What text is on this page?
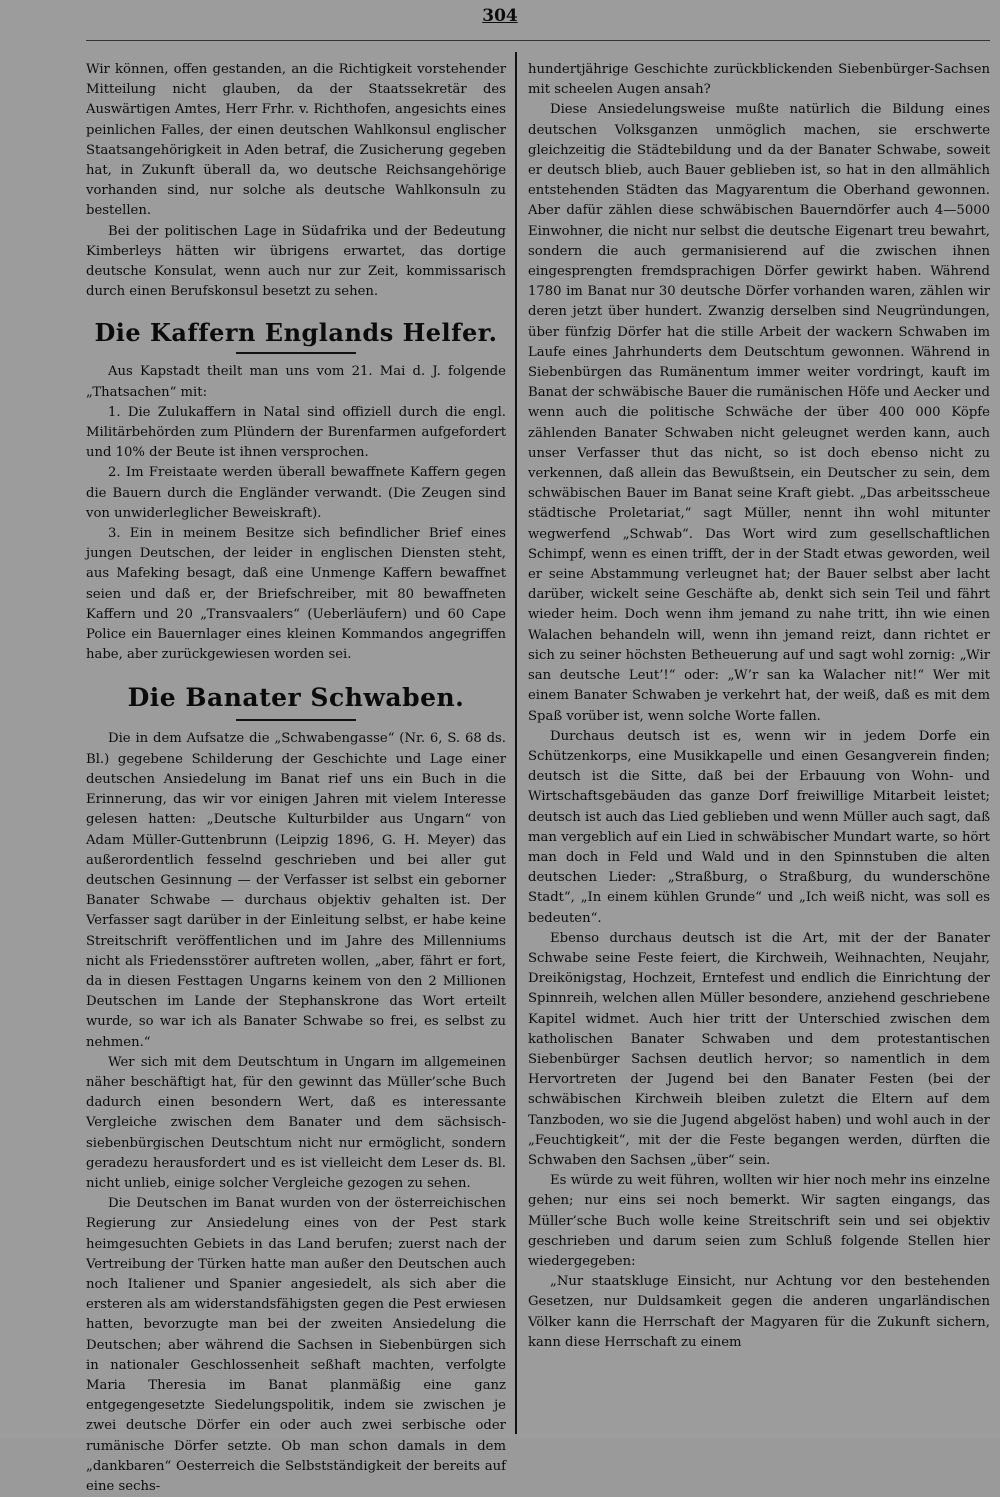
304

Wir können, offen gestanden, an die Richtigkeit vorstehender Mitteilung nicht glauben, da der Staatssekretär des Auswärtigen Amtes, Herr Frhr. v. Richthofen, angesichts eines peinlichen Falles, der einen deutschen Wahlkonsul englischer Staatsangehörigkeit in Aden betraf, die Zusicherung gegeben hat, in Zukunft überall da, wo deutsche Reichsangehörige vorhanden sind, nur solche als deutsche Wahlkonsuln zu bestellen.

Bei der politischen Lage in Südafrika und der Bedeutung Kimberleys hätten wir übrigens erwartet, das dortige deutsche Konsulat, wenn auch nur zur Zeit, kommissarisch durch einen Berufskonsul besetzt zu sehen.

Die Kaffern Englands Helfer.

Aus Kapstadt theilt man uns vom 21. Mai d. J. folgende „Thatsachen“ mit:

1. Die Zulukaffern in Natal sind offiziell durch die engl. Militärbehörden zum Plündern der Burenfarmen aufgefordert und 10% der Beute ist ihnen versprochen.

2. Im Freistaate werden überall bewaffnete Kaffern gegen die Bauern durch die Engländer verwandt. (Die Zeugen sind von unwiderleglicher Beweiskraft).

3. Ein in meinem Besitze sich befindlicher Brief eines jungen Deutschen, der leider in englischen Diensten steht, aus Mafeking besagt, daß eine Unmenge Kaffern bewaffnet seien und daß er, der Briefschreiber, mit 80 bewaffneten Kaffern und 20 „Transvaalers“ (Ueberläufern) und 60 Cape Police ein Bauernlager eines kleinen Kommandos angegriffen habe, aber zurückgewiesen worden sei.

Die Banater Schwaben.

Die in dem Aufsatze die „Schwabengasse“ (Nr. 6, S. 68 ds. Bl.) gegebene Schilderung der Geschichte und Lage einer deutschen Ansiedelung im Banat rief uns ein Buch in die Erinnerung, das wir vor einigen Jahren mit vielem Interesse gelesen hatten: „Deutsche Kulturbilder aus Ungarn“ von Adam Müller-Guttenbrunn (Leipzig 1896, G. H. Meyer) das außerordentlich fesselnd geschrieben und bei aller gut deutschen Gesinnung — der Verfasser ist selbst ein geborner Banater Schwabe — durchaus objektiv gehalten ist. Der Verfasser sagt darüber in der Einleitung selbst, er habe keine Streitschrift veröffentlichen und im Jahre des Millenniums nicht als Friedensstörer auftreten wollen, „aber, fährt er fort, da in diesen Festtagen Ungarns keinem von den 2 Millionen Deutschen im Lande der Stephanskrone das Wort erteilt wurde, so war ich als Banater Schwabe so frei, es selbst zu nehmen.“

Wer sich mit dem Deutschtum in Ungarn im allgemeinen näher beschäftigt hat, für den gewinnt das Müller’sche Buch dadurch einen besondern Wert, daß es interessante Vergleiche zwischen dem Banater und dem sächsisch-siebenbürgischen Deutschtum nicht nur ermöglicht, sondern geradezu herausfordert und es ist vielleicht dem Leser ds. Bl. nicht unlieb, einige solcher Vergleiche gezogen zu sehen.

Die Deutschen im Banat wurden von der österreichischen Regierung zur Ansiedelung eines von der Pest stark heimgesuchten Gebiets in das Land berufen; zuerst nach der Vertreibung der Türken hatte man außer den Deutschen auch noch Italiener und Spanier angesiedelt, als sich aber die ersteren als am widerstandsfähigsten gegen die Pest erwiesen hatten, bevorzugte man bei der zweiten Ansiedelung die Deutschen; aber während die Sachsen in Siebenbürgen sich in nationaler Geschlossenheit seßhaft machten, verfolgte Maria Theresia im Banat planmäßig eine ganz entgegengesetzte Siedelungspolitik, indem sie zwischen je zwei deutsche Dörfer ein oder auch zwei serbische oder rumänische Dörfer setzte. Ob man schon damals in dem „dankbaren“ Oesterreich die Selbstständigkeit der bereits auf eine sechs-

hundertjährige Geschichte zurückblickenden Siebenbürger-Sachsen mit scheelen Augen ansah?

Diese Ansiedelungsweise mußte natürlich die Bildung eines deutschen Volksganzen unmöglich machen, sie erschwerte gleichzeitig die Städtebildung und da der Banater Schwabe, soweit er deutsch blieb, auch Bauer geblieben ist, so hat in den allmählich entstehenden Städten das Magyarentum die Oberhand gewonnen. Aber dafür zählen diese schwäbischen Bauerndörfer auch 4—5000 Einwohner, die nicht nur selbst die deutsche Eigenart treu bewahrt, sondern die auch germanisierend auf die zwischen ihnen eingesprengten fremdsprachigen Dörfer gewirkt haben. Während 1780 im Banat nur 30 deutsche Dörfer vorhanden waren, zählen wir deren jetzt über hundert. Zwanzig derselben sind Neugründungen, über fünfzig Dörfer hat die stille Arbeit der wackern Schwaben im Laufe eines Jahrhunderts dem Deutschtum gewonnen. Während in Siebenbürgen das Rumänentum immer weiter vordringt, kauft im Banat der schwäbische Bauer die rumänischen Höfe und Aecker und wenn auch die politische Schwäche der über 400 000 Köpfe zählenden Banater Schwaben nicht geleugnet werden kann, auch unser Verfasser thut das nicht, so ist doch ebenso nicht zu verkennen, daß allein das Bewußtsein, ein Deutscher zu sein, dem schwäbischen Bauer im Banat seine Kraft giebt. „Das arbeitsscheue städtische Proletariat,“ sagt Müller, nennt ihn wohl mitunter wegwerfend „Schwab“. Das Wort wird zum gesellschaftlichen Schimpf, wenn es einen trifft, der in der Stadt etwas geworden, weil er seine Abstammung verleugnet hat; der Bauer selbst aber lacht darüber, wickelt seine Geschäfte ab, denkt sich sein Teil und fährt wieder heim. Doch wenn ihm jemand zu nahe tritt, ihn wie einen Walachen behandeln will, wenn ihn jemand reizt, dann richtet er sich zu seiner höchsten Betheuerung auf und sagt wohl zornig: „Wir san deutsche Leut’!“ oder: „W’r san ka Walacher nit!“ Wer mit einem Banater Schwaben je verkehrt hat, der weiß, daß es mit dem Spaß vorüber ist, wenn solche Worte fallen.

Durchaus deutsch ist es, wenn wir in jedem Dorfe ein Schützenkorps, eine Musikkapelle und einen Gesangverein finden; deutsch ist die Sitte, daß bei der Erbauung von Wohn- und Wirtschaftsgebäuden das ganze Dorf freiwillige Mitarbeit leistet; deutsch ist auch das Lied geblieben und wenn Müller auch sagt, daß man vergeblich auf ein Lied in schwäbischer Mundart warte, so hört man doch in Feld und Wald und in den Spinnstuben die alten deutschen Lieder: „Straßburg, o Straßburg, du wunderschöne Stadt“, „In einem kühlen Grunde“ und „Ich weiß nicht, was soll es bedeuten“.

Ebenso durchaus deutsch ist die Art, mit der der Banater Schwabe seine Feste feiert, die Kirchweih, Weihnachten, Neujahr, Dreikönigstag, Hochzeit, Erntefest und endlich die Einrichtung der Spinnreih, welchen allen Müller besondere, anziehend geschriebene Kapitel widmet. Auch hier tritt der Unterschied zwischen dem katholischen Banater Schwaben und dem protestantischen Siebenbürger Sachsen deutlich hervor; so namentlich in dem Hervortreten der Jugend bei den Banater Festen (bei der schwäbischen Kirchweih bleiben zuletzt die Eltern auf dem Tanzboden, wo sie die Jugend abgelöst haben) und wohl auch in der „Feuchtigkeit“, mit der die Feste begangen werden, dürften die Schwaben den Sachsen „über“ sein.

Es würde zu weit führen, wollten wir hier noch mehr ins einzelne gehen; nur eins sei noch bemerkt. Wir sagten eingangs, das Müller’sche Buch wolle keine Streitschrift sein und sei objektiv geschrieben und darum seien zum Schluß folgende Stellen hier wiedergegeben:

„Nur staatskluge Einsicht, nur Achtung vor den bestehenden Gesetzen, nur Duldsamkeit gegen die anderen ungarländischen Völker kann die Herrschaft der Magyaren für die Zukunft sichern, kann diese Herrschaft zu einem
